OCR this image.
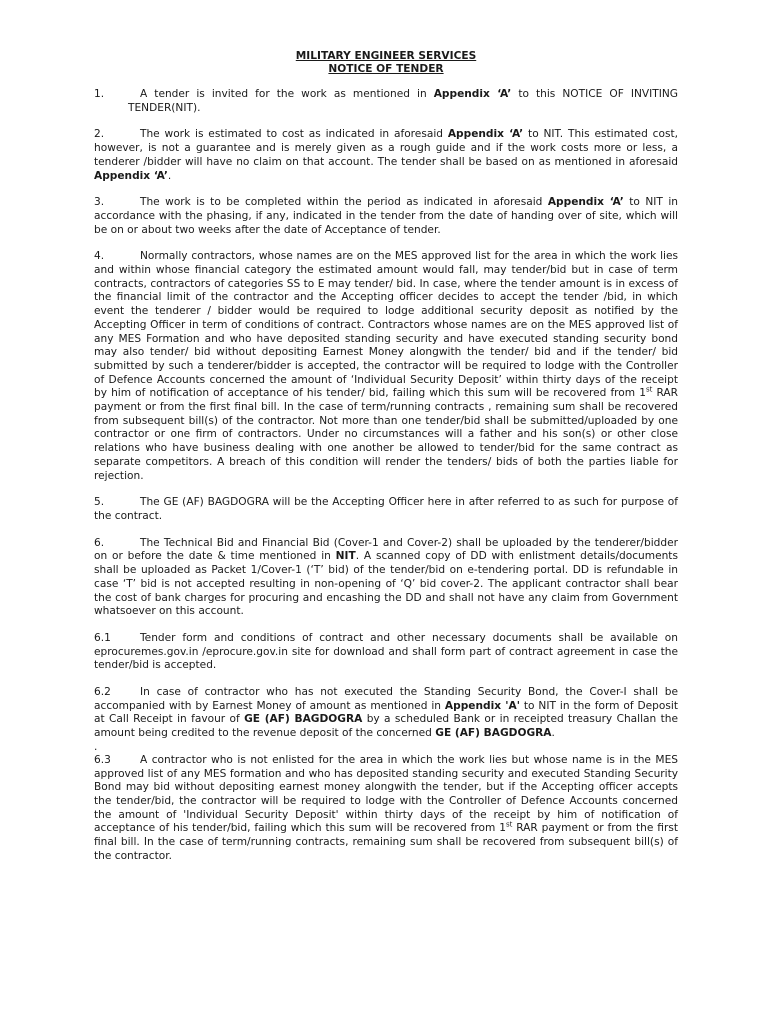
MILITARY ENGINEER SERVICES
NOTICE OF TENDER

1.	A tender is invited for the work as mentioned in Appendix ‘A’ to this NOTICE OF INVITING TENDER(NIT).

2.	The work is estimated to cost as indicated in aforesaid Appendix ‘A’ to NIT. This estimated cost, however, is not a guarantee and is merely given as a rough guide and if the work costs more or less, a tenderer /bidder will have no claim on that account. The tender shall be based on as mentioned in aforesaid Appendix ‘A’.

3.	The work is to be completed within the period as indicated in aforesaid Appendix ‘A’ to NIT in accordance with the phasing, if any, indicated in the tender from the date of handing over of site, which will be on or about two weeks after the date of Acceptance of tender.

4.	Normally contractors, whose names are on the MES approved list for the area in which the work lies and within whose financial category the estimated amount would fall, may tender/bid but in case of term contracts, contractors of categories SS to E may tender/ bid. In case, where the tender amount is in excess of the financial limit of the contractor and the Accepting officer decides to accept the tender /bid, in which event the tenderer / bidder would be required to lodge additional security deposit as notified by the Accepting Officer in term of conditions of contract. Contractors whose names are on the MES approved list of any MES Formation and who have deposited standing security and have executed standing security bond may also tender/ bid without depositing Earnest Money alongwith the tender/ bid and if the tender/ bid submitted by such a tenderer/bidder is accepted, the contractor will be required to lodge with the Controller of Defence Accounts concerned the amount of ‘Individual Security Deposit’ within thirty days of the receipt by him of notification of acceptance of his tender/ bid, failing which this sum will be recovered from 1st RAR payment or from the first final bill. In the case of term/running contracts , remaining sum shall be recovered from subsequent bill(s) of the contractor. Not more than one tender/bid shall be submitted/uploaded by one contractor or one firm of contractors. Under no circumstances will a father and his son(s) or other close relations who have business dealing with one another be allowed to tender/bid for the same contract as separate competitors. A breach of this condition will render the tenders/ bids of both the parties liable for rejection.

5.	The GE (AF) BAGDOGRA will be the Accepting Officer here in after referred to as such for purpose of the contract.

6.	The Technical Bid and Financial Bid (Cover-1 and Cover-2) shall be uploaded by the tenderer/bidder on or before the date & time mentioned in NIT. A scanned copy of DD with enlistment details/documents shall be uploaded as Packet 1/Cover-1 (‘T’ bid) of the tender/bid on e-tendering portal. DD is refundable in case ‘T’ bid is not accepted resulting in non-opening of ‘Q’ bid cover-2. The applicant contractor shall bear the cost of bank charges for procuring and encashing the DD and shall not have any claim from Government whatsoever on this account.

6.1	Tender form and conditions of contract and other necessary documents shall be available on eprocuremes.gov.in /eprocure.gov.in site for download and shall form part of contract agreement in case the tender/bid is accepted.

6.2	In case of contractor who has not executed the Standing Security Bond, the Cover-I shall be accompanied with by Earnest Money of amount as mentioned in Appendix 'A' to NIT in the form of Deposit at Call Receipt in favour of GE (AF) BAGDOGRA by a scheduled Bank or in receipted treasury Challan the amount being credited to the revenue deposit of the concerned GE (AF) BAGDOGRA.

.

6.3	A contractor who is not enlisted for the area in which the work lies but whose name is in the MES approved list of any MES formation and who has deposited standing security and executed Standing Security Bond may bid without depositing earnest money alongwith the tender, but if the Accepting officer accepts the tender/bid, the contractor will be required to lodge with the Controller of Defence Accounts concerned the amount of 'Individual Security Deposit' within thirty days of the receipt by him of notification of acceptance of his tender/bid, failing which this sum will be recovered from 1st RAR payment or from the first final bill. In the case of term/running contracts, remaining sum shall be recovered from subsequent bill(s) of the contractor.
